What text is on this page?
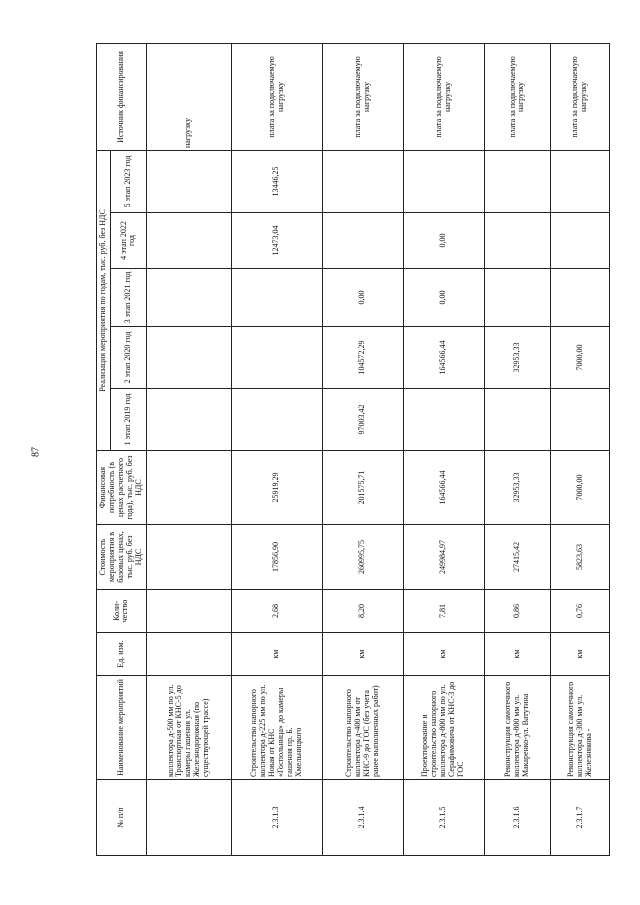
87
№ п/п	Наименование мероприятий	Ед. изм.	Коли-чество	Стоимость мероприятия в базовых ценах, тыс. руб. без НДС	Финансовая потребность (в ценах расчетного года), тыс. руб. без НДС	Реализация мероприятия по годам, тыс. руб. без НДС					Источник финансирования
						1 этап 2019 год	2 этап 2020 год	3 этап 2021 год	4 этап 2022 год	5 этап 2023 год	
	коллектора д-500 мм по ул. Транспортная от КНС-5 до камеры гашения ул. Железнодорожная (по существующей трассе)										нагрузку
2.3.1.3	Строительство напорного коллектора д-225 мм по ул. Новая от КНС «Госпольница» до камеры гашения пр. Б. Хмельницкого	км	2,68	17856,90	25919,29				12473,04	13446,25	плата за подключаемую нагрузку
2.3.1.4	Строительство напорного коллектора д-400 мм от КНС-9 до ГОС (без учета ранее выполненных работ)	км	8,20	260995,75	201575,71	97003,42	104572,29	0,00			плата за подключаемую нагрузку
2.3.1.5	Проектирование и строительство напорного коллектора д-800 мм по ул. Серафимовича от КНС-3 до ГОС	км	7,81	249984,97	164566,44		164566,44	0,00	0,00		плата за подключаемую нагрузку
2.3.1.6	Реконструкция самотечного коллектора д-800 мм ул. Макаренко-ул. Ватутина	км	0,86	27415,42	32953,33		32953,33				плата за подключаемую нагрузку
2.3.1.7	Реконструкция самотечного коллектора д-300 мм ул. Железнякова -	км	0,76	5823,63	7000,00		7000,00				плата за подключаемую нагрузку
